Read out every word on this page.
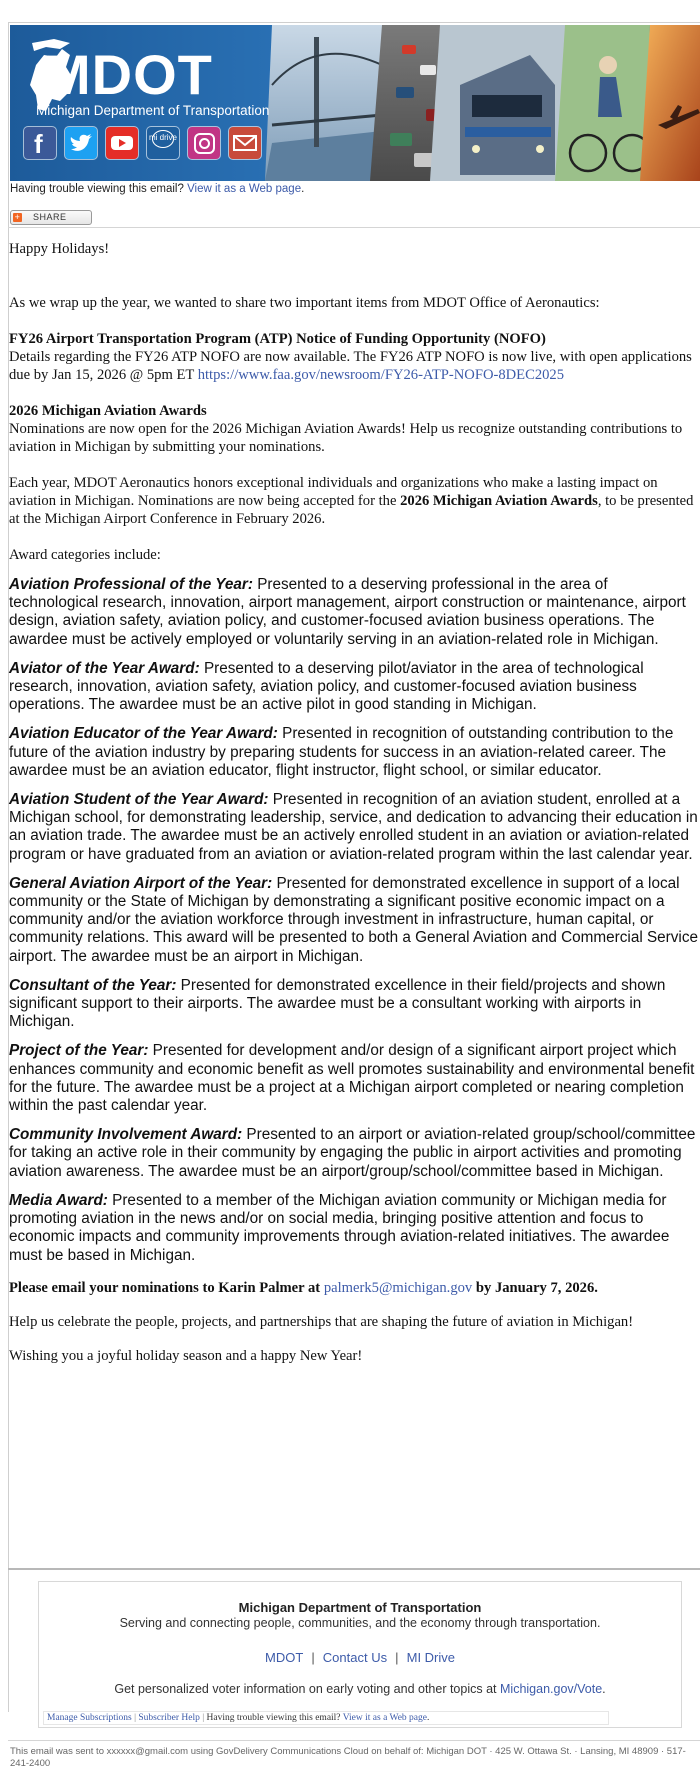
MDOT
Michigan Department of Transportation
f	mi drive
Having trouble viewing this email? View it as a Web page.
+ SHARE

Happy Holidays!

As we wrap up the year, we wanted to share two important items from MDOT Office of Aeronautics:

FY26 Airport Transportation Program (ATP) Notice of Funding Opportunity (NOFO)

Details regarding the FY26 ATP NOFO are now available. The FY26 ATP NOFO is now live, with open applications due by Jan 15, 2026 @ 5pm ET https://www.faa.gov/newsroom/FY26-ATP-NOFO-8DEC2025

2026 Michigan Aviation Awards

Nominations are now open for the 2026 Michigan Aviation Awards! Help us recognize outstanding contributions to aviation in Michigan by submitting your nominations.

Each year, MDOT Aeronautics honors exceptional individuals and organizations who make a lasting impact on aviation in Michigan. Nominations are now being accepted for the 2026 Michigan Aviation Awards, to be presented at the Michigan Airport Conference in February 2026.

Award categories include:

Aviation Professional of the Year: Presented to a deserving professional in the area of technological research, innovation, airport management, airport construction or maintenance, airport design, aviation safety, aviation policy, and customer-focused aviation business operations. The awardee must be actively employed or voluntarily serving in an aviation-related role in Michigan.

Aviator of the Year Award: Presented to a deserving pilot/aviator in the area of technological research, innovation, aviation safety, aviation policy, and customer-focused aviation business operations. The awardee must be an active pilot in good standing in Michigan.

Aviation Educator of the Year Award: Presented in recognition of outstanding contribution to the future of the aviation industry by preparing students for success in an aviation-related career. The awardee must be an aviation educator, flight instructor, flight school, or similar educator.

Aviation Student of the Year Award: Presented in recognition of an aviation student, enrolled at a Michigan school, for demonstrating leadership, service, and dedication to advancing their education in an aviation trade. The awardee must be an actively enrolled student in an aviation or aviation-related program or have graduated from an aviation or aviation-related program within the last calendar year.

General Aviation Airport of the Year: Presented for demonstrated excellence in support of a local community or the State of Michigan by demonstrating a significant positive economic impact on a community and/or the aviation workforce through investment in infrastructure, human capital, or community relations. This award will be presented to both a General Aviation and Commercial Service airport. The awardee must be an airport in Michigan.

Consultant of the Year: Presented for demonstrated excellence in their field/projects and shown significant support to their airports. The awardee must be a consultant working with airports in Michigan.

Project of the Year: Presented for development and/or design of a significant airport project which enhances community and economic benefit as well promotes sustainability and environmental benefit for the future. The awardee must be a project at a Michigan airport completed or nearing completion within the past calendar year.

Community Involvement Award: Presented to an airport or aviation-related group/school/committee for taking an active role in their community by engaging the public in airport activities and promoting aviation awareness. The awardee must be an airport/group/school/committee based in Michigan.

Media Award: Presented to a member of the Michigan aviation community or Michigan media for promoting aviation in the news and/or on social media, bringing positive attention and focus to economic impacts and community improvements through aviation-related initiatives. The awardee must be based in Michigan.

Please email your nominations to Karin Palmer at palmerk5@michigan.gov by January 7, 2026.

Help us celebrate the people, projects, and partnerships that are shaping the future of aviation in Michigan!

Wishing you a joyful holiday season and a happy New Year!

Michigan Department of Transportation
Serving and connecting people, communities, and the economy through transportation.
MDOT  |  Contact Us  |  MI Drive
Get personalized voter information on early voting and other topics at Michigan.gov/Vote.
Manage Subscriptions | Subscriber Help | Having trouble viewing this email? View it as a Web page.
This email was sent to xxxxxx@gmail.com using GovDelivery Communications Cloud on behalf of: Michigan DOT · 425 W. Ottawa St. · Lansing, MI 48909 · 517-241-2400
